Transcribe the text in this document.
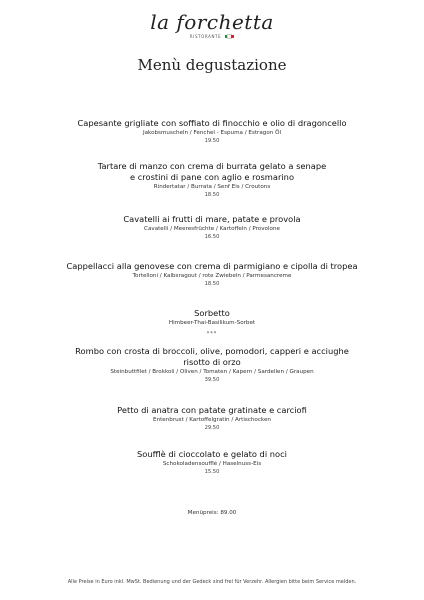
la forchetta
RISTORANTE
Menù degustazione
Capesante grigliate con soffiato di finocchio e olio di dragoncello
Jakobsmuscheln / Fenchel - Espuma / Estragon Öl
19.50
Tartare di manzo con crema di burrata gelato a senape
e crostini di pane con aglio e rosmarino
Rindertatar / Burrata / Senf Eis / Croutons
18.50
Cavatelli ai frutti di mare, patate e provola
Cavatelli / Meeresfrüchte / Kartoffeln / Provolone
16.50
Cappellacci alla genovese con crema di parmigiano e cipolla di tropea
Tortelloni / Kalbsragout / rote Zwiebeln / Parmesancreme
18.50
Sorbetto
Himbeer-Thai-Basilikum-Sorbet
***
Rombo con crosta di broccoli, olive, pomodori, capperi e acciughe
risotto di orzo
Steinbuttfilet / Brokkoli / Oliven / Tomaten / Kapern / Sardellen / Graupen
39.50
Petto di anatra con patate gratinate e carciofi
Entenbrust / Kartoffelgratin / Artischocken
29.50
Soufflè di cioccolato e gelato di noci
Schokoladensoufflé / Haselnuss-Eis
15.50
Menüpreis: 89.00
Alle Preise in Euro inkl. MwSt. Bedienung und der Gedeck sind frei für Verzehr. Allergien bitte beim Service melden.
